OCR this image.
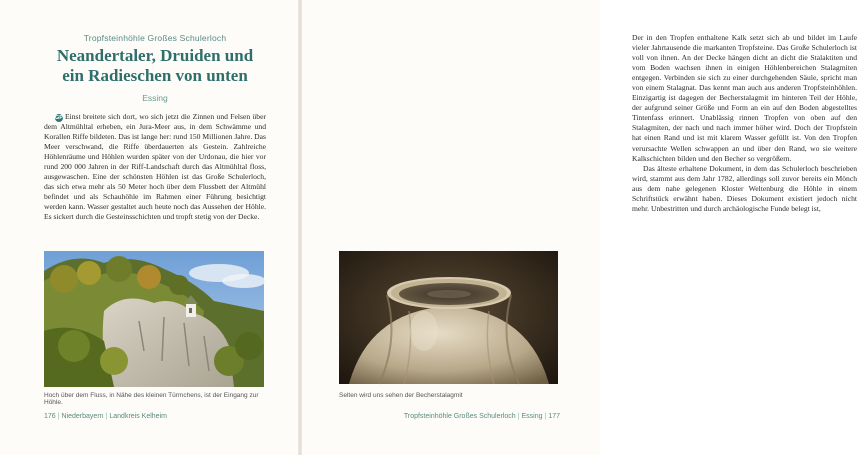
Tropfsteinhöhle Großes Schulerloch
Neandertaler, Druiden und
ein Radieschen von unten
Essing

GPSEinst breitete sich dort, wo sich jetzt die Zinnen und Felsen über dem Altmühltal erheben, ein Jura-Meer aus, in dem Schwämme und Korallen Riffe bildeten. Das ist lange her: rund 150 Millionen Jahre. Das Meer verschwand, die Riffe überdauerten als Gestein. Zahlreiche Höhlenräume und Höhlen wurden später von der Urdonau, die hier vor rund 200 000 Jahren in der Riff-Landschaft durch das Altmühltal floss, ausgewaschen. Eine der schönsten Höhlen ist das Große Schulerloch, das sich etwa mehr als 50 Meter hoch über dem Flussbett der Altmühl befindet und als Schauhöhle im Rahmen einer Führung besichtigt werden kann. Wasser gestaltet auch heute noch das Aussehen der Höhle. Es sickert durch die Gesteinsschichten und tropft stetig von der Decke.

Hoch über dem Fluss, in Nähe des kleinen Türmchens, ist der Eingang zur Höhle.
176 | Niederbayern | Landkreis Kelheim

Der in den Tropfen enthaltene Kalk setzt sich ab und bildet im Laufe vieler Jahrtausende die markanten Tropfsteine. Das Große Schulerloch ist voll von ihnen. An der Decke hängen dicht an dicht die Stalaktiten und vom Boden wachsen ihnen in einigen Höhlenbereichen Stalagmiten entgegen. Verbinden sie sich zu einer durchgehenden Säule, spricht man von einem Stalagnat. Das kennt man auch aus anderen Tropfsteinhöhlen. Einzigartig ist dagegen der Becherstalagmit im hinteren Teil der Höhle, der aufgrund seiner Größe und Form an ein auf den Boden abgestelltes Tintenfass erinnert. Unablässig rinnen Tropfen von oben auf den Stalagmiten, der nach und nach immer höher wird. Doch der Tropfstein hat einen Rand und ist mit klarem Wasser gefüllt ist. Von den Tropfen verursachte Wellen schwappen an und über den Rand, wo sie weitere Kalkschichten bilden und den Becher so vergrößern.

Das älteste erhaltene Dokument, in dem das Schulerloch beschrieben wird, stammt aus dem Jahr 1782, allerdings soll zuvor bereits ein Mönch aus dem nahe gelegenen Kloster Weltenburg die Höhle in einem Schriftstück erwähnt haben. Dieses Dokument existiert jedoch nicht mehr. Unbestritten und durch archäologische Funde belegt ist,

Selten wird uns sehen der Becherstalagmit
Tropfsteinhöhle Großes Schulerloch | Essing | 177
